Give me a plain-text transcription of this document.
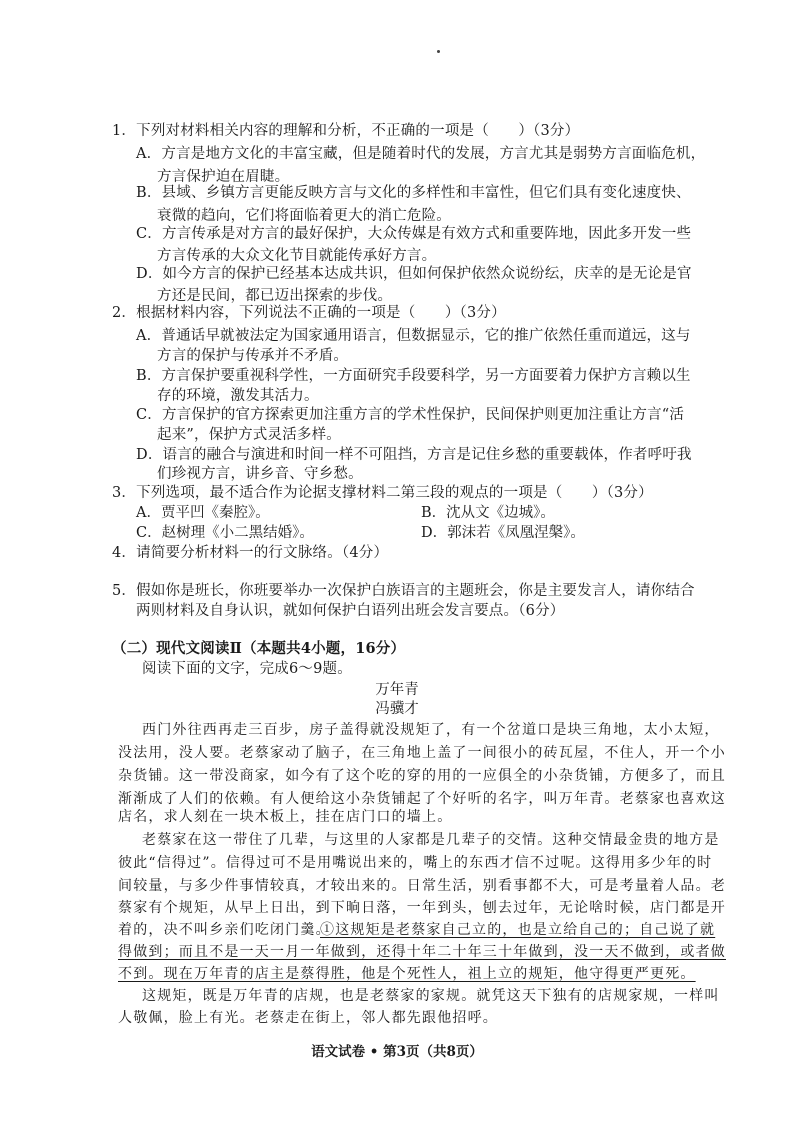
1．下列对材料相关内容的理解和分析，不正确的一项是（　　）（3分）
A．方言是地方文化的丰富宝藏，但是随着时代的发展，方言尤其是弱势方言面临危机，
方言保护迫在眉睫。
B．县域、乡镇方言更能反映方言与文化的多样性和丰富性，但它们具有变化速度快、
衰微的趋向，它们将面临着更大的消亡危险。
C．方言传承是对方言的最好保护，大众传媒是有效方式和重要阵地，因此多开发一些
方言传承的大众文化节目就能传承好方言。
D．如今方言的保护已经基本达成共识，但如何保护依然众说纷纭，庆幸的是无论是官
方还是民间，都已迈出探索的步伐。
2．根据材料内容，下列说法不正确的一项是（　　）（3分）
A．普通话早就被法定为国家通用语言，但数据显示，它的推广依然任重而道远，这与
方言的保护与传承并不矛盾。
B．方言保护要重视科学性，一方面研究手段要科学，另一方面要着力保护方言赖以生
存的环境，激发其活力。
C．方言保护的官方探索更加注重方言的学术性保护，民间保护则更加注重让方言“活
起来”，保护方式灵活多样。
D．语言的融合与演进和时间一样不可阻挡，方言是记住乡愁的重要载体，作者呼吁我
们珍视方言，讲乡音、守乡愁。
3．下列选项，最不适合作为论据支撑材料二第三段的观点的一项是（　　）（3分）
A．贾平凹《秦腔》。	B．沈从文《边城》。
C．赵树理《小二黑结婚》。	D．郭沫若《凤凰涅槃》。
4．请简要分析材料一的行文脉络。（4分）
5．假如你是班长，你班要举办一次保护白族语言的主题班会，你是主要发言人，请你结合
两则材料及自身认识，就如何保护白语列出班会发言要点。（6分）
（二）现代文阅读Ⅱ（本题共4小题，16分）
阅读下面的文字，完成6～9题。
万年青
冯骥才
西门外往西再走三百步，房子盖得就没规矩了，有一个岔道口是块三角地，太小太短，
没法用，没人要。老蔡家动了脑子，在三角地上盖了一间很小的砖瓦屋，不住人，开一个小
杂货铺。这一带没商家，如今有了这个吃的穿的用的一应俱全的小杂货铺，方便多了，而且
渐渐成了人们的依赖。有人便给这小杂货铺起了个好听的名字，叫万年青。老蔡家也喜欢这
店名，求人刻在一块木板上，挂在店门口的墙上。
老蔡家在这一带住了几辈，与这里的人家都是几辈子的交情。这种交情最金贵的地方是
彼此“信得过”。信得过可不是用嘴说出来的，嘴上的东西才信不过呢。这得用多少年的时
间较量，与多少件事情较真，才较出来的。日常生活，别看事都不大，可是考量着人品。老
蔡家有个规矩，从早上日出，到下晌日落，一年到头，刨去过年，无论啥时候，店门都是开
着的，决不叫乡亲们吃闭门羹。
①这规矩是老蔡家自己立的，也是立给自己的；自己说了就
得做到；而且不是一天一月一年做到，还得十年二十年三十年做到，没一天不做到，或者做
不到。现在万年青的店主是蔡得胜，他是个死性人，祖上立的规矩，他守得更严更死。
这规矩，既是万年青的店规，也是老蔡家的家规。就凭这天下独有的店规家规，一样叫
人敬佩，脸上有光。老蔡走在街上，邻人都先跟他招呼。
语文试卷 • 第3页（共8页）
